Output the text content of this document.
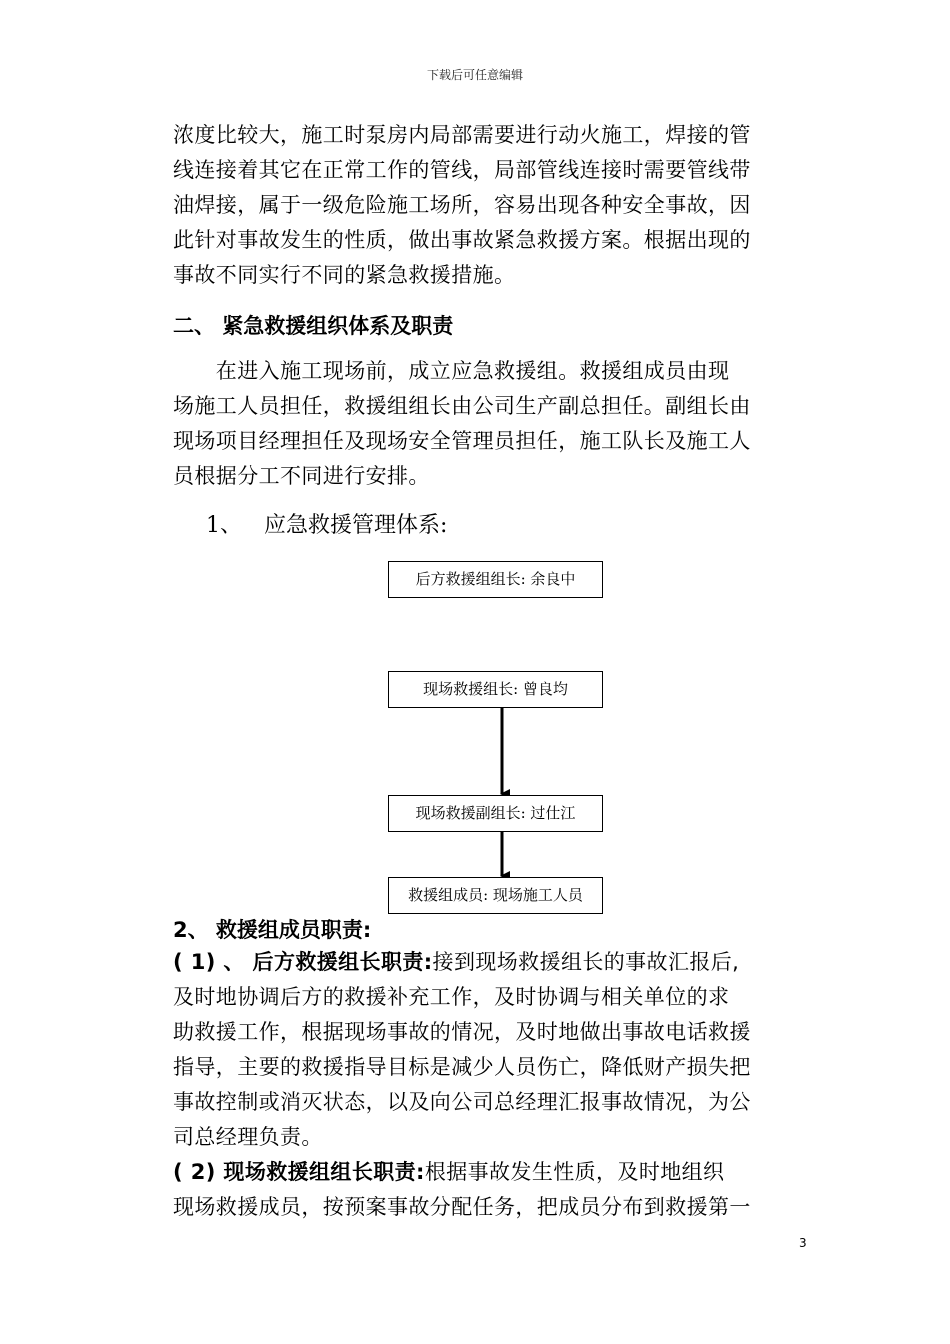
下载后可任意编辑

浓度比较大，施工时泵房内局部需要进行动火施工，焊接的管

线连接着其它在正常工作的管线，局部管线连接时需要管线带

油焊接，属于一级危险施工场所，容易出现各种安全事故，因

此针对事故发生的性质，做出事故紧急救援方案。根据出现的

事故不同实行不同的紧急救援措施。

二、 紧急救援组织体系及职责

　　在进入施工现场前，成立应急救援组。救援组成员由现

场施工人员担任，救援组组长由公司生产副总担任。副组长由

现场项目经理担任及现场安全管理员担任，施工队长及施工人

员根据分工不同进行安排。

1、 应急救援管理体系:
后方救援组组长: 余良中
现场救援组长: 曾良均
现场救援副组长: 过仕江
救援组成员: 现场施工人员
2、 救援组成员职责:

( 1) 、 后方救援组长职责:接到现场救援组长的事故汇报后,

及时地协调后方的救援补充工作，及时协调与相关单位的求

助救援工作，根据现场事故的情况，及时地做出事故电话救援

指导，主要的救援指导目标是减少人员伤亡，降低财产损失把

事故控制或消灭状态，以及向公司总经理汇报事故情况，为公

司总经理负责。

( 2) 现场救援组组长职责:根据事故发生性质，及时地组织

现场救援成员，按预案事故分配任务，把成员分布到救援第一

3
